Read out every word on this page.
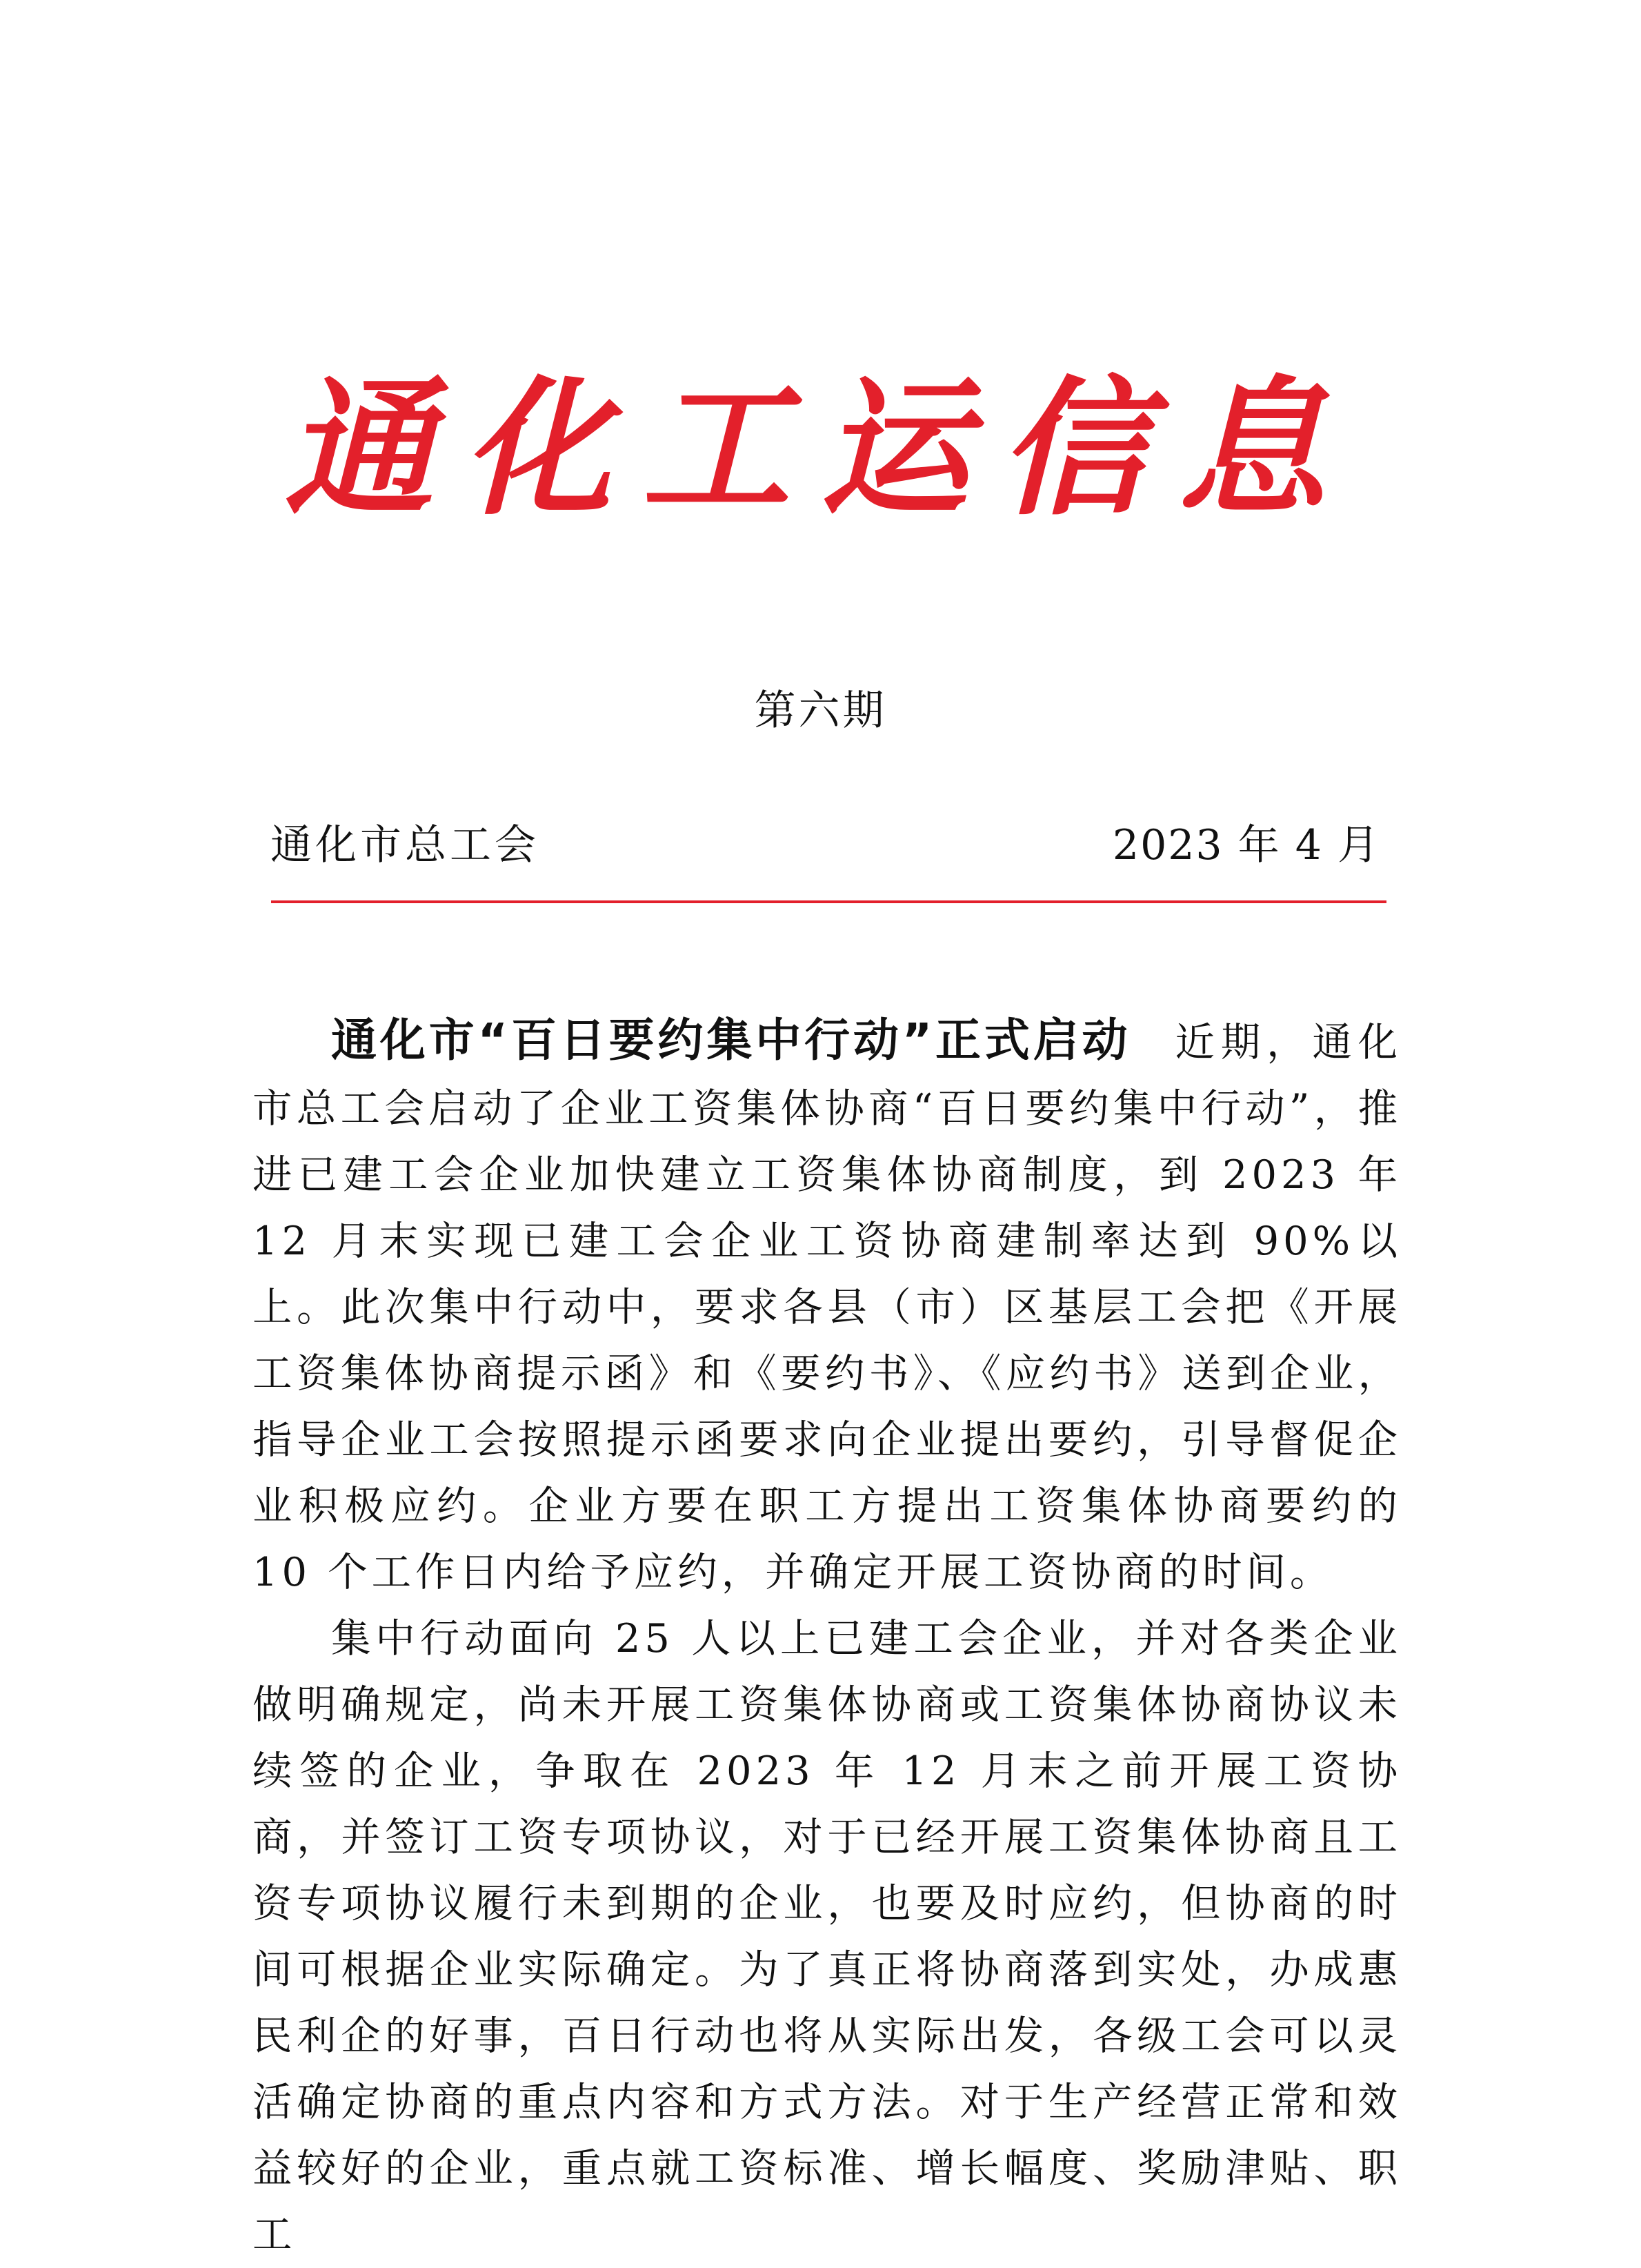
通化工运信息
第六期
通化市总工会	2023 年 4 月

通化市“百日要约集中行动”正式启动 近期，通化市总工会启动了企业工资集体协商“百日要约集中行动”，推进已建工会企业加快建立工资集体协商制度，到 2023 年 12 月末实现已建工会企业工资协商建制率达到 90%以上。此次集中行动中，要求各县（市）区基层工会把《开展工资集体协商提示函》和《要约书》、《应约书》送到企业，指导企业工会按照提示函要求向企业提出要约，引导督促企业积极应约。企业方要在职工方提出工资集体协商要约的 10 个工作日内给予应约，并确定开展工资协商的时间。

集中行动面向 25 人以上已建工会企业，并对各类企业做明确规定，尚未开展工资集体协商或工资集体协商协议未续签的企业，争取在 2023 年 12 月末之前开展工资协商，并签订工资专项协议，对于已经开展工资集体协商且工资专项协议履行未到期的企业，也要及时应约，但协商的时间可根据企业实际确定。为了真正将协商落到实处，办成惠民利企的好事，百日行动也将从实际出发，各级工会可以灵活确定协商的重点内容和方式方法。对于生产经营正常和效益较好的企业，重点就工资标准、增长幅度、奖励津贴、职工
